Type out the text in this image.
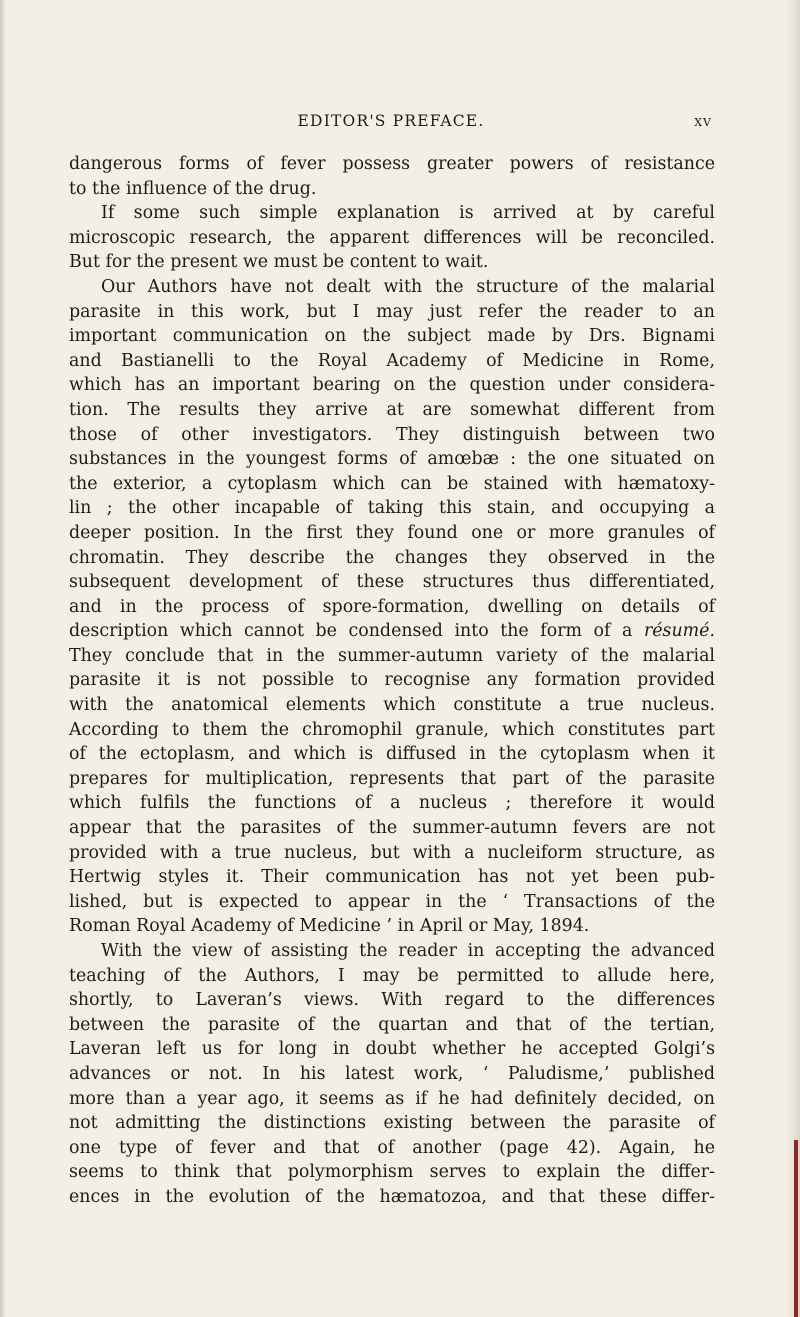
EDITOR'S PREFACE.	xv
dangerous forms of fever possess greater powers of resistance
to the influence of the drug.
If some such simple explanation is arrived at by careful
microscopic research, the apparent differences will be reconciled.
But for the present we must be content to wait.
Our Authors have not dealt with the structure of the malarial
parasite in this work, but I may just refer the reader to an
important communication on the subject made by Drs. Bignami
and Bastianelli to the Royal Academy of Medicine in Rome,
which has an important bearing on the question under considera-
tion. The results they arrive at are somewhat different from
those of other investigators. They distinguish between two
substances in the youngest forms of amœbæ : the one situated on
the exterior, a cytoplasm which can be stained with hæmatoxy-
lin ; the other incapable of taking this stain, and occupying a
deeper position. In the first they found one or more granules of
chromatin. They describe the changes they observed in the
subsequent development of these structures thus differentiated,
and in the process of spore-formation, dwelling on details of
description which cannot be condensed into the form of a résumé.
They conclude that in the summer-autumn variety of the malarial
parasite it is not possible to recognise any formation provided
with the anatomical elements which constitute a true nucleus.
According to them the chromophil granule, which constitutes part
of the ectoplasm, and which is diffused in the cytoplasm when it
prepares for multiplication, represents that part of the parasite
which fulfils the functions of a nucleus ; therefore it would
appear that the parasites of the summer-autumn fevers are not
provided with a true nucleus, but with a nucleiform structure, as
Hertwig styles it. Their communication has not yet been pub-
lished, but is expected to appear in the ‘ Transactions of the
Roman Royal Academy of Medicine ’ in April or May, 1894.
With the view of assisting the reader in accepting the advanced
teaching of the Authors, I may be permitted to allude here,
shortly, to Laveran’s views. With regard to the differences
between the parasite of the quartan and that of the tertian,
Laveran left us for long in doubt whether he accepted Golgi’s
advances or not. In his latest work, ‘ Paludisme,’ published
more than a year ago, it seems as if he had definitely decided, on
not admitting the distinctions existing between the parasite of
one type of fever and that of another (page 42). Again, he
seems to think that polymorphism serves to explain the differ-
ences in the evolution of the hæmatozoa, and that these differ-
